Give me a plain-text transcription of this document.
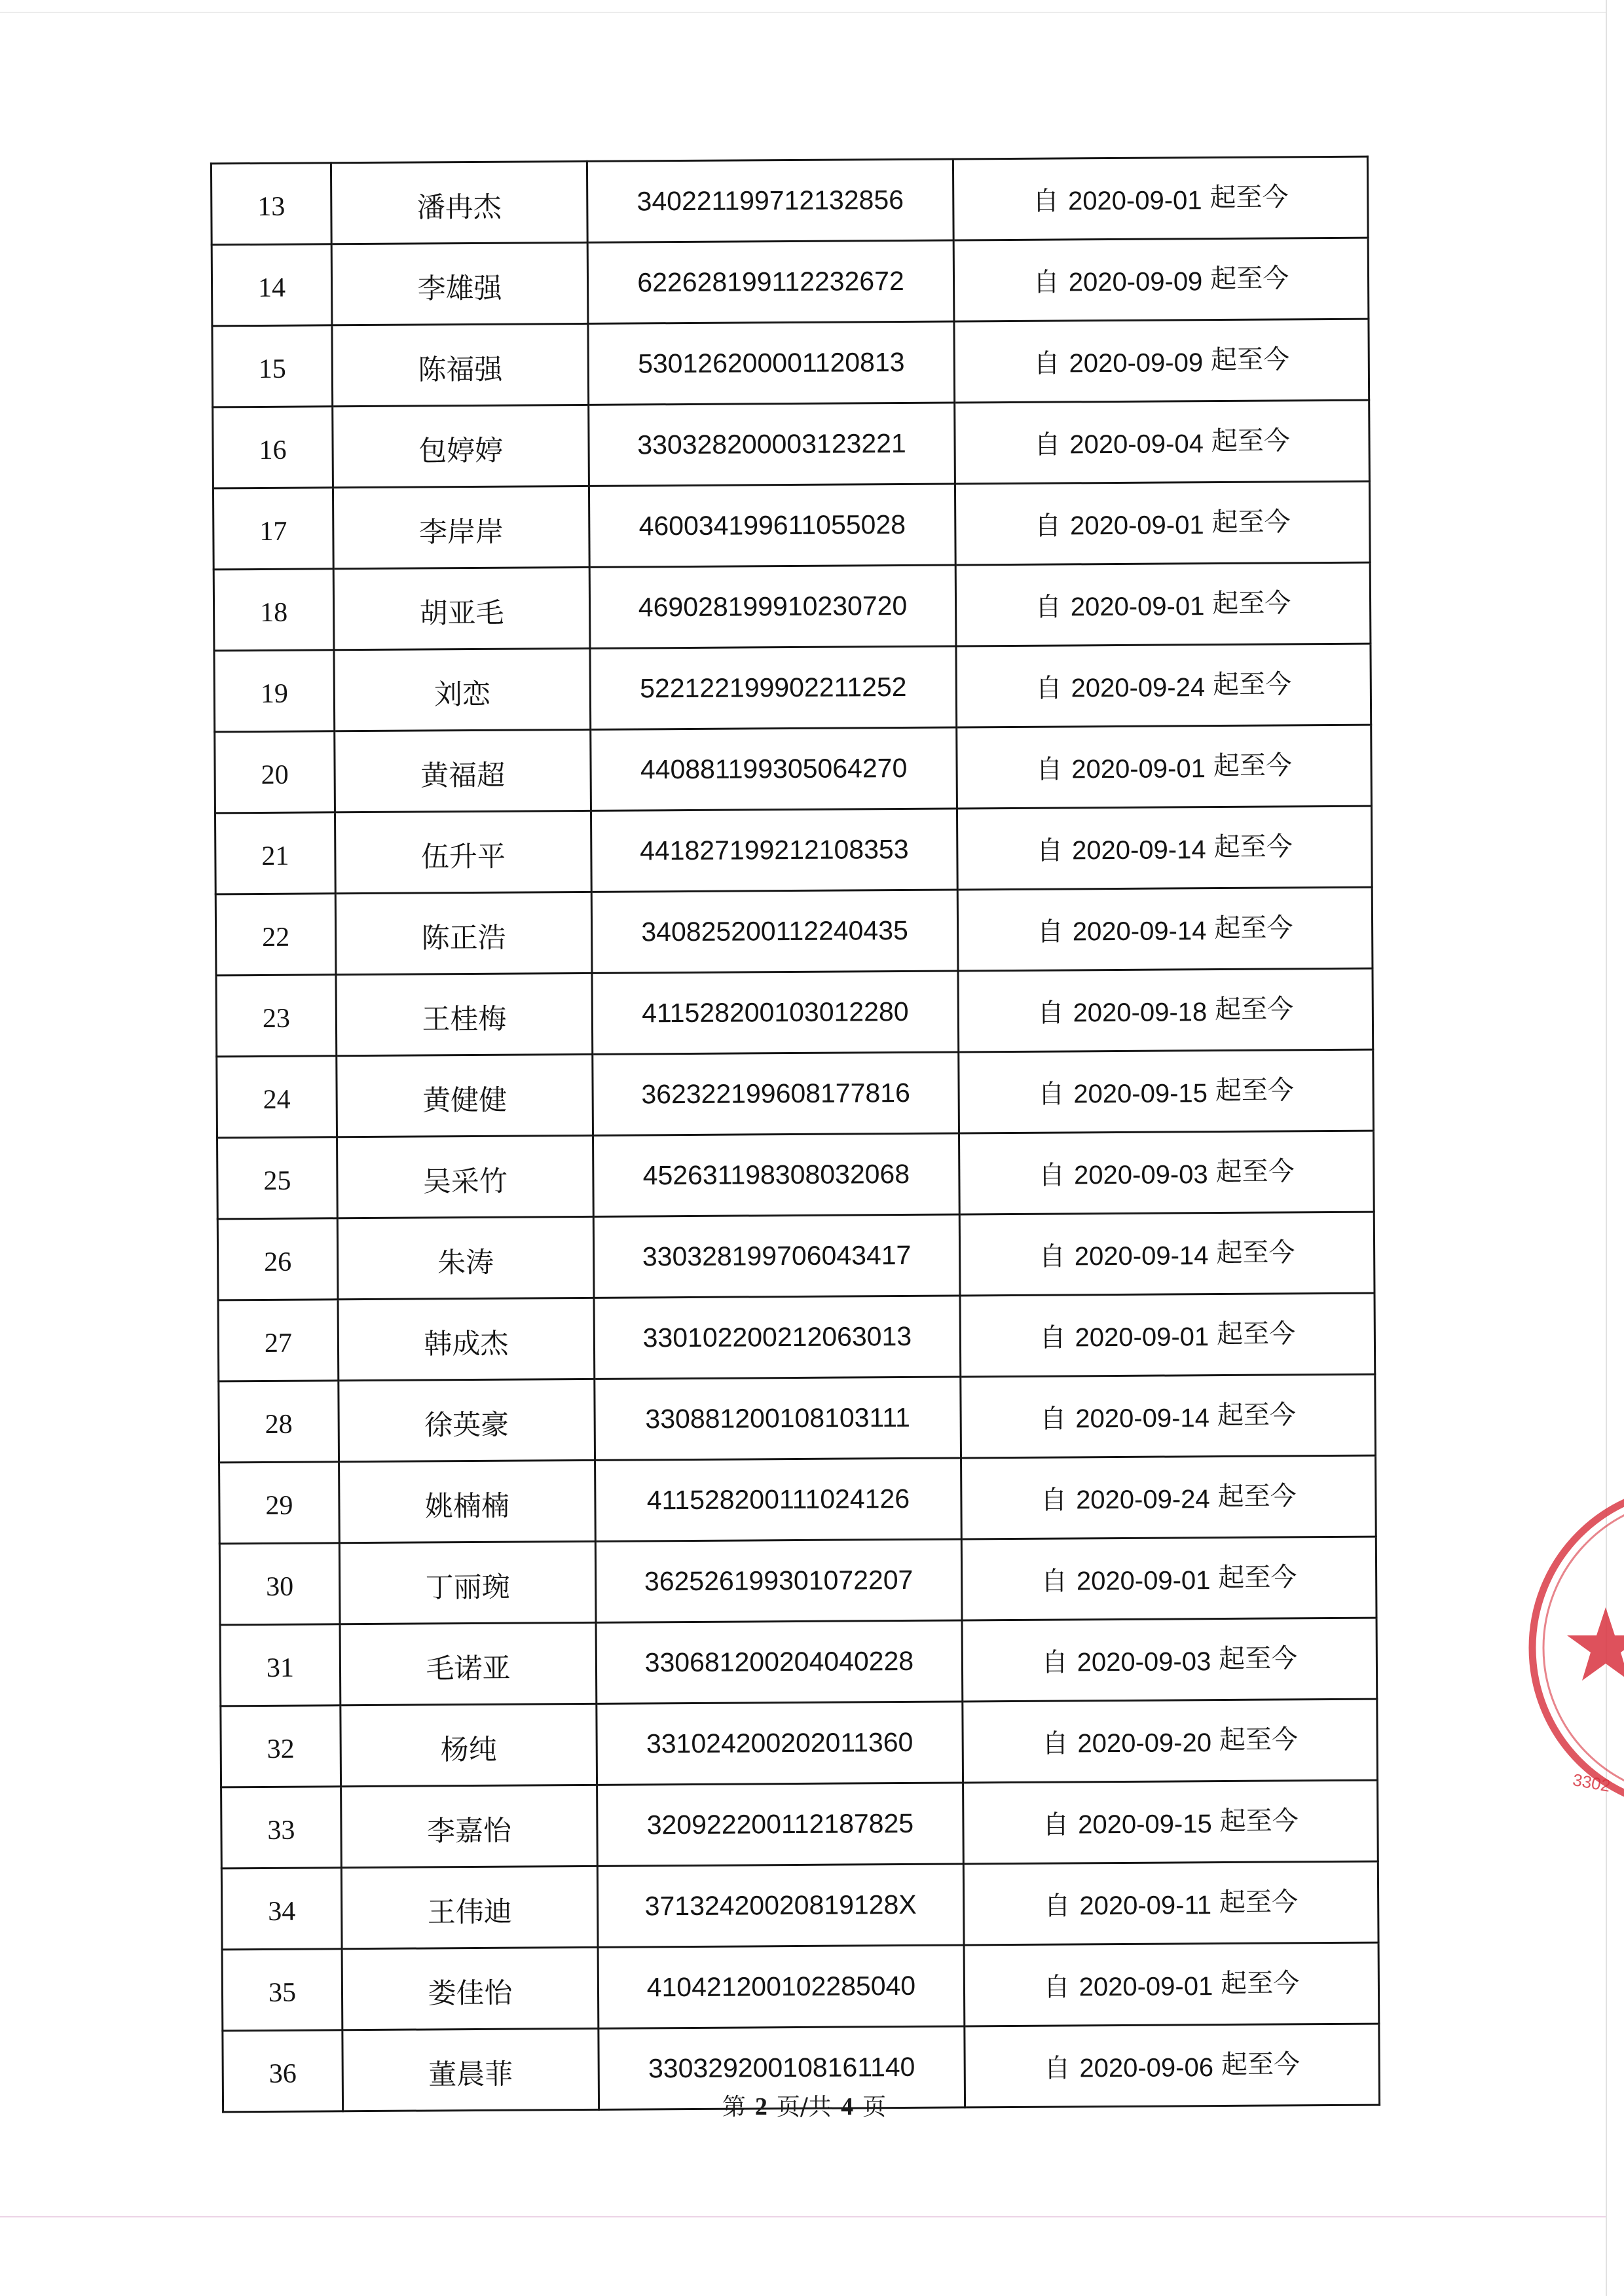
13	潘冉杰	340221199712132856	自 2020-09-01 起至今
14	李雄强	622628199112232672	自 2020-09-09 起至今
15	陈福强	530126200001120813	自 2020-09-09 起至今
16	包婷婷	330328200003123221	自 2020-09-04 起至今
17	李岸岸	460034199611055028	自 2020-09-01 起至今
18	胡亚毛	469028199910230720	自 2020-09-01 起至今
19	刘恋	522122199902211252	自 2020-09-24 起至今
20	黄福超	440881199305064270	自 2020-09-01 起至今
21	伍升平	441827199212108353	自 2020-09-14 起至今
22	陈正浩	340825200112240435	自 2020-09-14 起至今
23	王桂梅	411528200103012280	自 2020-09-18 起至今
24	黄健健	362322199608177816	自 2020-09-15 起至今
25	吴采竹	452631198308032068	自 2020-09-03 起至今
26	朱涛	330328199706043417	自 2020-09-14 起至今
27	韩成杰	330102200212063013	自 2020-09-01 起至今
28	徐英豪	330881200108103111	自 2020-09-14 起至今
29	姚楠楠	411528200111024126	自 2020-09-24 起至今
30	丁丽琬	362526199301072207	自 2020-09-01 起至今
31	毛诺亚	330681200204040228	自 2020-09-03 起至今
32	杨纯	331024200202011360	自 2020-09-20 起至今
33	李嘉怡	320922200112187825	自 2020-09-15 起至今
34	王伟迪	37132420020819128X	自 2020-09-11 起至今
35	娄佳怡	410421200102285040	自 2020-09-01 起至今
36	董晨菲	330329200108161140	自 2020-09-06 起至今
第 2 页/共 4 页
3302
